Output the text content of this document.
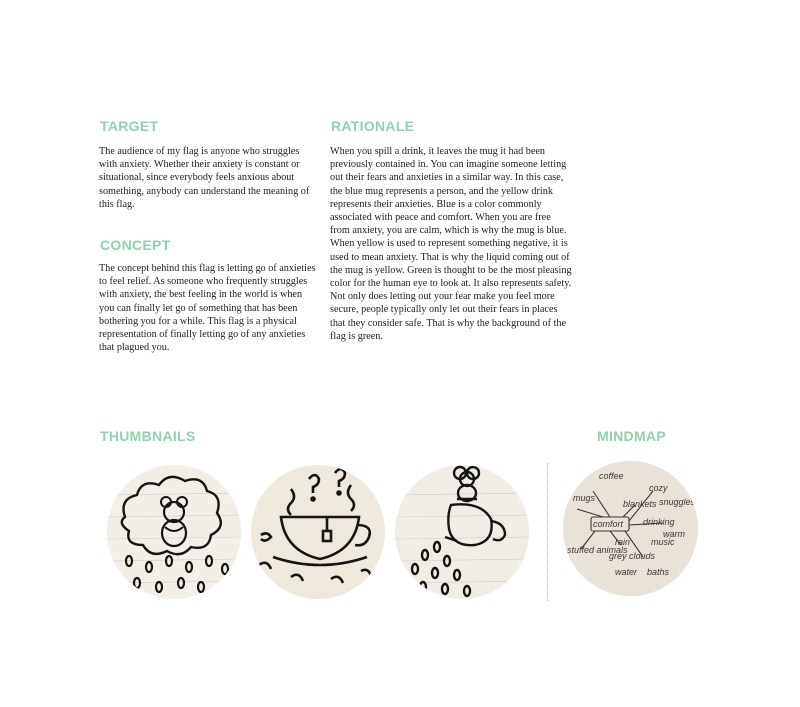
TARGET

The audience of my flag is anyone who struggles with anxiety. Whether their anxiety is constant or situational, since everybody feels anxious about something, anybody can understand the meaning of this flag.

CONCEPT

The concept behind this flag is letting go of anxieties to feel relief. As someone who frequently struggles with anxiety, the best feeling in the world is when you can finally let go of something that has been bothering you for a while. This flag is a physical representation of finally letting go of any anxieties that plagued you.

RATIONALE

When you spill a drink, it leaves the mug it had been previously contained in. You can imagine someone letting out their fears and anxieties in a similar way. In this case, the blue mug represents a person, and the yellow drink represents their anxieties. Blue is a color commonly associated with peace and comfort. When you are free from anxiety, you are calm, which is why the mug is blue. When yellow is used to represent something negative, it is used to mean anxiety. That is why the liquid coming out of the mug is yellow. Green is thought to be the most pleasing color for the human eye to look at. It also represents safety. Not only does letting out your fear make you feel more secure, people typically only let out their fears in places that they consider safe. That is why the background of the flag is green.

THUMBNAILS	MINDMAP
comfort
coffee
mugs
cozy
snuggles
blankets
drinking
rain
stuffed animals
music
grey clouds
water baths
warm
